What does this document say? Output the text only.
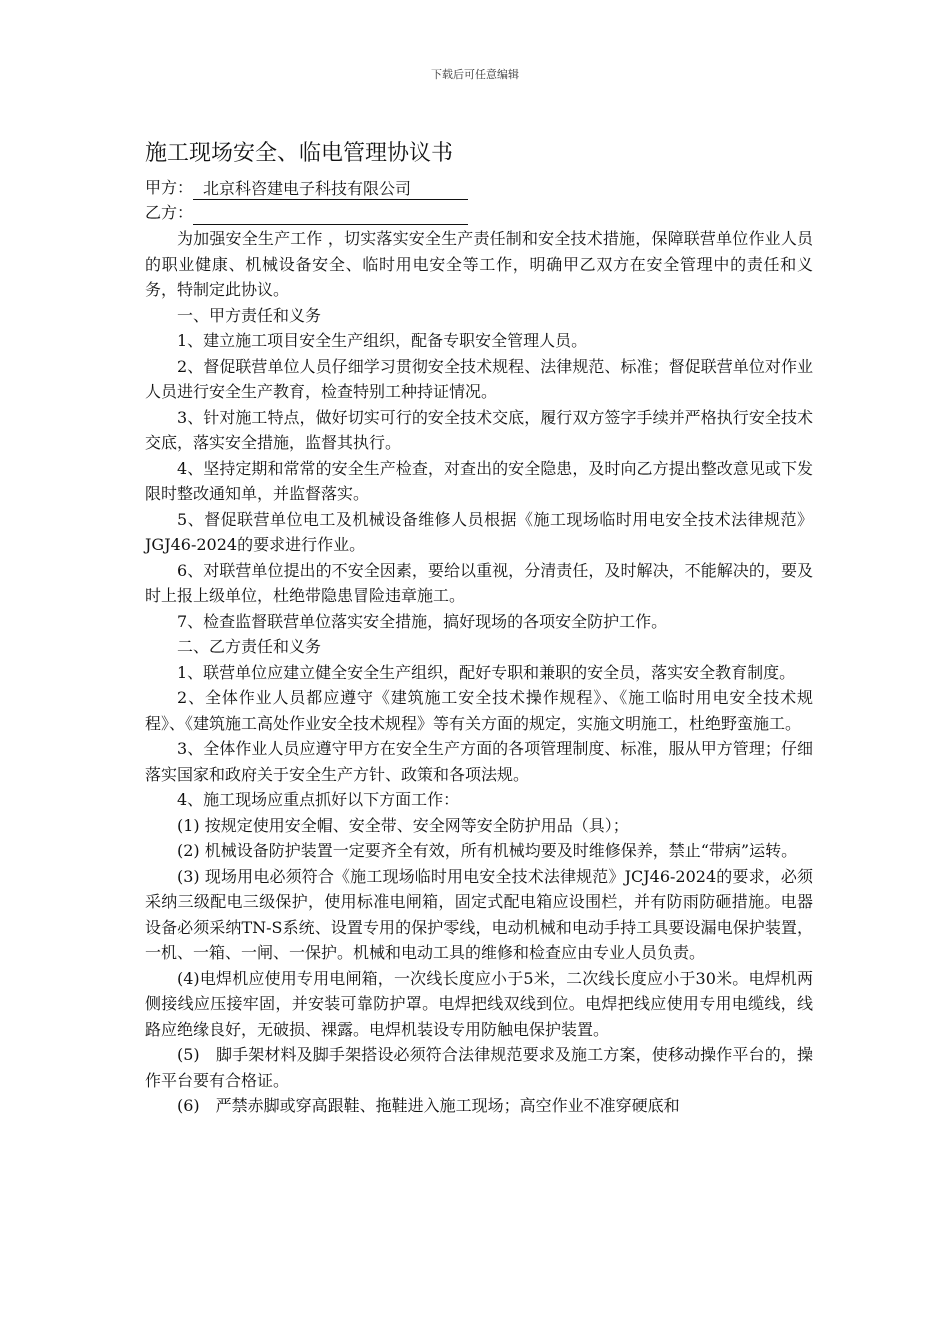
下载后可任意编辑
施工现场安全、临电管理协议书
甲方： 北京科咨建电子科技有限公司
乙方：

为加强安全生产工作 ，切实落实安全生产责任制和安全技术措施，保障联营单位作业人员的职业健康、机械设备安全、临时用电安全等工作，明确甲乙双方在安全管理中的责任和义务，特制定此协议。

一、甲方责任和义务

1、建立施工项目安全生产组织，配备专职安全管理人员。

2、督促联营单位人员仔细学习贯彻安全技术规程、法律规范、标准；督促联营单位对作业人员进行安全生产教育，检查特别工种持证情况。

3、针对施工特点，做好切实可行的安全技术交底，履行双方签字手续并严格执行安全技术交底，落实安全措施，监督其执行。

4、坚持定期和常常的安全生产检查，对查出的安全隐患，及时向乙方提出整改意见或下发限时整改通知单，并监督落实。

5、督促联营单位电工及机械设备维修人员根据《施工现场临时用电安全技术法律规范》JGJ46-2024的要求进行作业。

6、对联营单位提出的不安全因素，要给以重视，分清责任，及时解决，不能解决的，要及时上报上级单位，杜绝带隐患冒险违章施工。

7、检查监督联营单位落实安全措施，搞好现场的各项安全防护工作。

二、乙方责任和义务

1、联营单位应建立健全安全生产组织，配好专职和兼职的安全员，落实安全教育制度。

2、全体作业人员都应遵守《建筑施工安全技术操作规程》、《施工临时用电安全技术规程》、《建筑施工高处作业安全技术规程》等有关方面的规定，实施文明施工，杜绝野蛮施工。

3、全体作业人员应遵守甲方在安全生产方面的各项管理制度、标准，服从甲方管理；仔细落实国家和政府关于安全生产方针、政策和各项法规。

4、施工现场应重点抓好以下方面工作：

(1) 按规定使用安全帽、安全带、安全网等安全防护用品（具）；

(2) 机械设备防护装置一定要齐全有效，所有机械均要及时维修保养，禁止“带病”运转。

(3) 现场用电必须符合《施工现场临时用电安全技术法律规范》JCJ46-2024的要求，必须采纳三级配电三级保护，使用标准电闸箱，固定式配电箱应设围栏，并有防雨防砸措施。电器设备必须采纳TN-S系统、设置专用的保护零线，电动机械和电动手持工具要设漏电保护装置，一机、一箱、一闸、一保护。机械和电动工具的维修和检查应由专业人员负责。

(4)电焊机应使用专用电闸箱，一次线长度应小于5米，二次线长度应小于30米。电焊机两侧接线应压接牢固，并安装可靠防护罩。电焊把线双线到位。电焊把线应使用专用电缆线，线路应绝缘良好，无破损、裸露。电焊机装设专用防触电保护装置。

(5)　脚手架材料及脚手架搭设必须符合法律规范要求及施工方案，使移动操作平台的，操作平台要有合格证。

(6)　严禁赤脚或穿高跟鞋、拖鞋进入施工现场；高空作业不准穿硬底和
